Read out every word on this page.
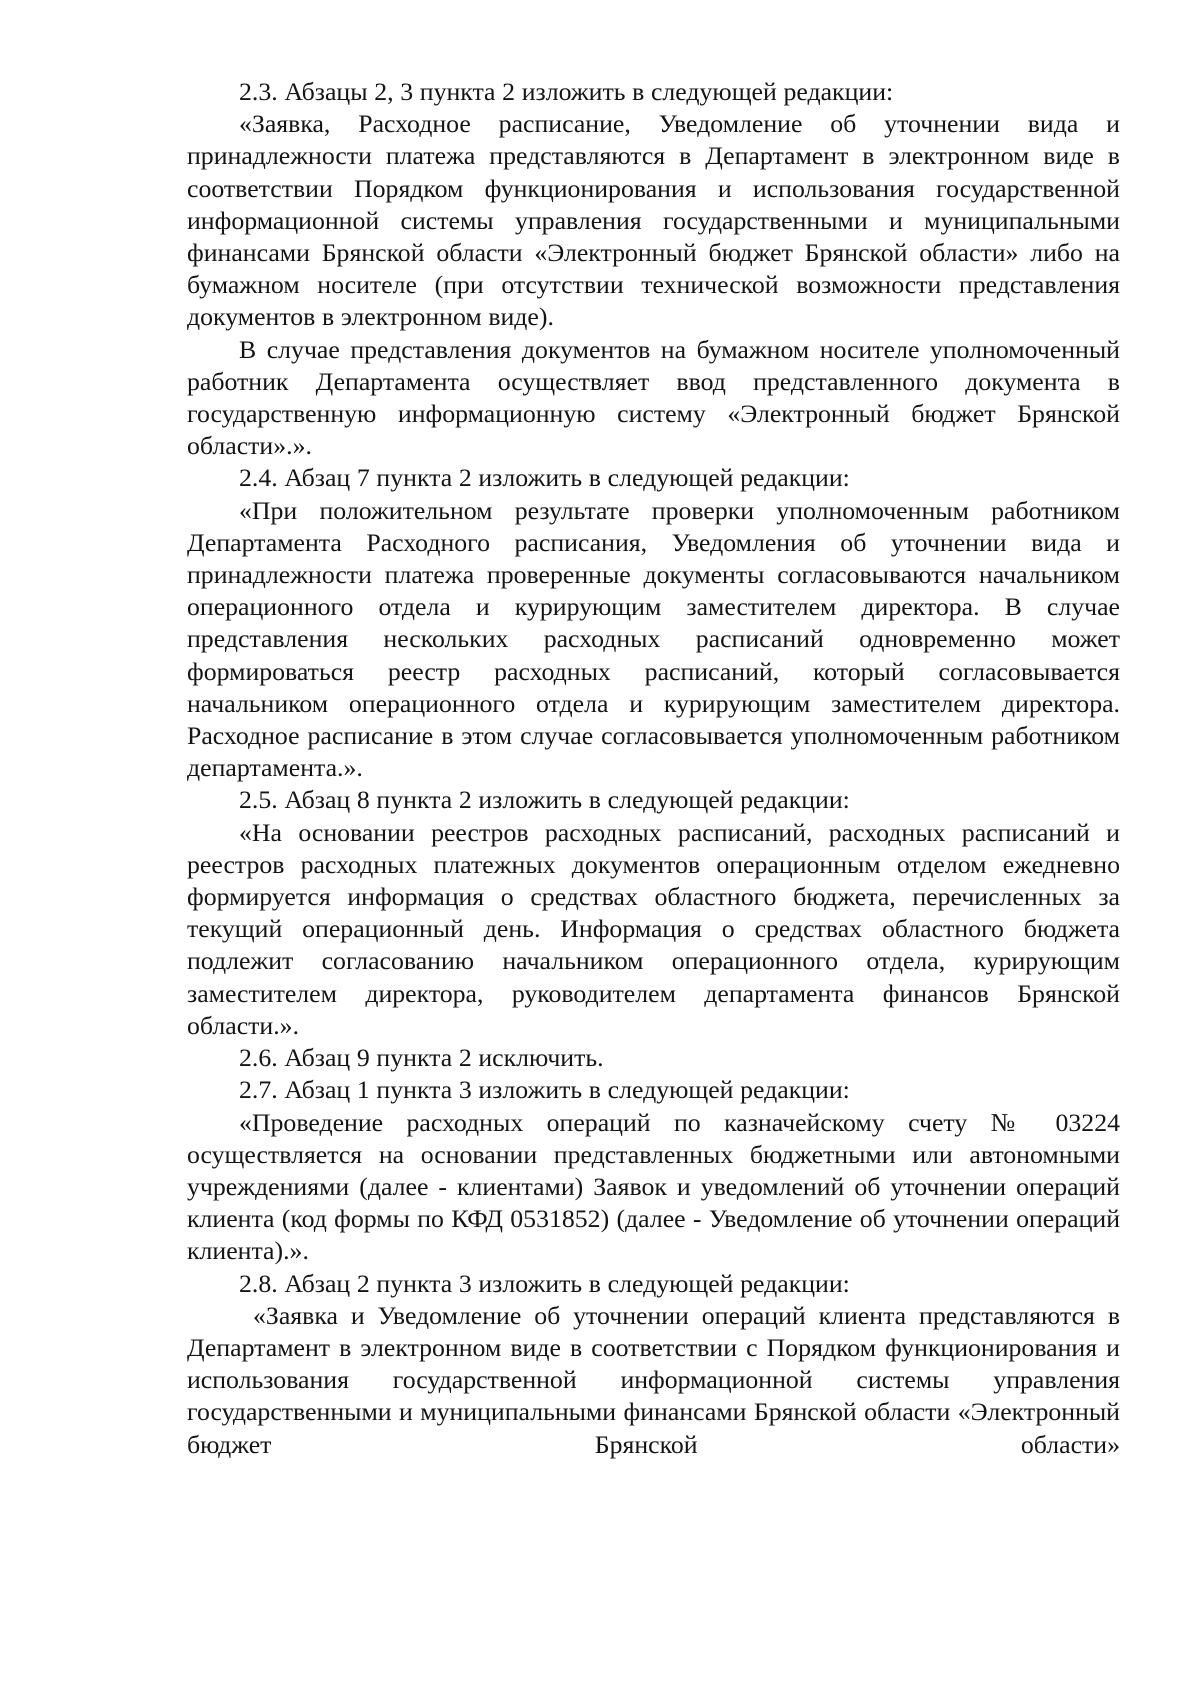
2.3. Абзацы 2, 3 пункта 2 изложить в следующей редакции:

«Заявка, Расходное расписание, Уведомление об уточнении вида и принадлежности платежа представляются в Департамент в электронном виде в соответствии Порядком функционирования и использования государственной информационной системы управления государственными и муниципальными финансами Брянской области «Электронный бюджет Брянской области» либо на бумажном носителе (при отсутствии технической возможности представления документов в электронном виде).

В случае представления документов на бумажном носителе уполномоченный работник Департамента осуществляет ввод представленного документа в государственную информационную систему «Электронный бюджет Брянской области».».

2.4. Абзац 7 пункта 2 изложить в следующей редакции:

«При положительном результате проверки уполномоченным работником Департамента Расходного расписания, Уведомления об уточнении вида и принадлежности платежа проверенные документы согласовываются начальником операционного отдела и курирующим заместителем директора. В случае представления нескольких расходных расписаний одновременно может формироваться реестр расходных расписаний, который согласовывается начальником операционного отдела и курирующим заместителем директора. Расходное расписание в этом случае согласовывается уполномоченным работником департамента.».

2.5. Абзац 8 пункта 2 изложить в следующей редакции:

«На основании реестров расходных расписаний, расходных расписаний и реестров расходных платежных документов операционным отделом ежедневно формируется информация о средствах областного бюджета, перечисленных за текущий операционный день. Информация о средствах областного бюджета подлежит согласованию начальником операционного отдела, курирующим заместителем директора, руководителем департамента финансов Брянской области.».

2.6. Абзац 9 пункта 2 исключить.

2.7. Абзац 1 пункта 3 изложить в следующей редакции:

«Проведение расходных операций по казначейскому счету № 03224 осуществляется на основании представленных бюджетными или автономными учреждениями (далее - клиентами) Заявок и уведомлений об уточнении операций клиента (код формы по КФД 0531852) (далее - Уведомление об уточнении операций клиента).».

2.8. Абзац 2 пункта 3 изложить в следующей редакции:

«Заявка и Уведомление об уточнении операций клиента представляются в Департамент в электронном виде в соответствии с Порядком функционирования и использования государственной информационной системы управления государственными и муниципальными финансами Брянской области «Электронный бюджет Брянской области»
